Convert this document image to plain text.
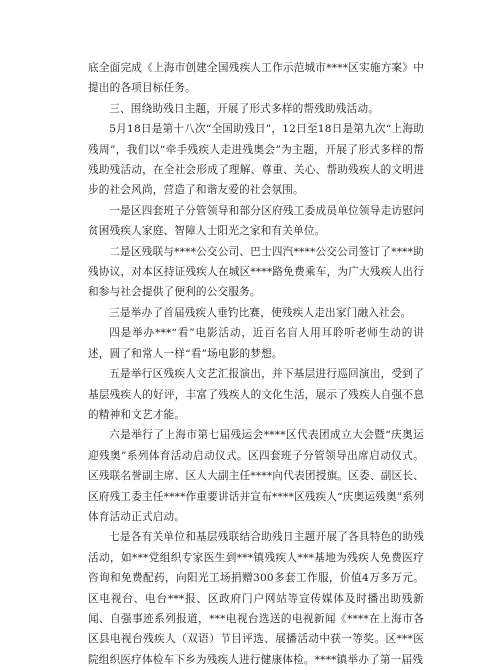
底全面完成《上海市创建全国残疾人工作示范城市****区实施方案》中提出的各项目标任务。

三、围绕助残日主题，开展了形式多样的帮残助残活动。

5月18日是第十八次“全国助残日”，12日至18日是第九次“上海助残周”，我们以“牵手残疾人走进残奥会”为主题，开展了形式多样的帮残助残活动，在全社会形成了理解、尊重、关心、帮助残疾人的文明进步的社会风尚，营造了和谐友爱的社会氛围。

一是区四套班子分管领导和部分区府残工委成员单位领导走访慰问贫困残疾人家庭、智障人士阳光之家和有关单位。

二是区残联与****公交公司、巴士四汽****公交公司签订了****助残协议，对本区持证残疾人在城区****路免费乘车，为广大残疾人出行和参与社会提供了便利的公交服务。

三是举办了首届残疾人垂钓比赛，使残疾人走出家门融入社会。

四是举办***“看”电影活动，近百名盲人用耳聆听老师生动的讲述，圆了和常人一样“看”场电影的梦想。

五是举行区残疾人文艺汇报演出，并下基层进行巡回演出，受到了基层残疾人的好评，丰富了残疾人的文化生活，展示了残疾人自强不息的精神和文艺才能。

六是举行了上海市第七届残运会****区代表团成立大会暨“庆奥运迎残奥”系列体育活动启动仪式。区四套班子分管领导出席启动仪式。区残联名誉副主席、区人大副主任****向代表团授旗。区委、副区长、区府残工委主任****作重要讲话并宣布****区残疾人“庆奥运残奥”系列体育活动正式启动。

七是各有关单位和基层残联结合助残日主题开展了各具特色的助残活动，如***党组织专家医生到***镇残疾人***基地为残疾人免费医疗咨询和免费配药，向阳光工场捐赠300多套工作服，价值4万多万元。区电视台、电台***报、区政府门户网站等宣传媒体及时播出助残新闻、自强事迹系列报道，***电视台选送的电视新闻《****在上海市各区县电视台残疾人（双语）节目评选、展播活动中获一等奖。区***医院组织医疗体检车下乡为残疾人进行健康体检。****镇举办了第一届残
